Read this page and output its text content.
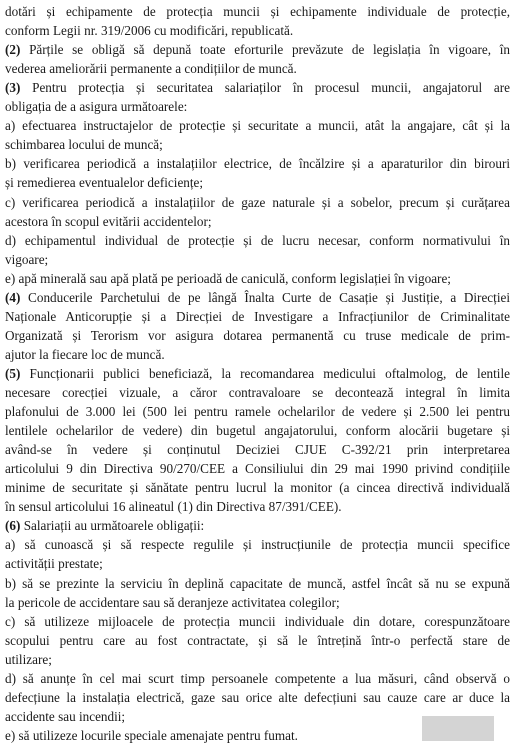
dotări și echipamente de protecția muncii și echipamente individuale de protecție,
conform Legii nr. 319/2006 cu modificări, republicată.
(2) Părțile se obligă să depună toate eforturile prevăzute de legislația în vigoare, în
vederea ameliorării permanente a condițiilor de muncă.
(3) Pentru protecția și securitatea salariaților în procesul muncii, angajatorul are
obligația de a asigura următoarele:
a) efectuarea instructajelor de protecție și securitate a muncii, atât la angajare, cât și la
schimbarea locului de muncă;
b) verificarea periodică a instalațiilor electrice, de încălzire și a aparaturilor din birouri
și remedierea eventualelor deficiențe;
c) verificarea periodică a instalațiilor de gaze naturale și a sobelor, precum și curățarea
acestora în scopul evitării accidentelor;
d) echipamentul individual de protecție și de lucru necesar, conform normativului în
vigoare;
e) apă minerală sau apă plată pe perioadă de caniculă, conform legislației în vigoare;
(4) Conducerile Parchetului de pe lângă Înalta Curte de Casație și Justiție, a Direcției
Naționale Anticorupție și a Direcției de Investigare a Infracțiunilor de Criminalitate
Organizată și Terorism vor asigura dotarea permanentă cu truse medicale de prim-
ajutor la fiecare loc de muncă.
(5) Funcționarii publici beneficiază, la recomandarea medicului oftalmolog, de lentile
necesare corecției vizuale, a căror contravaloare se decontează integral în limita
plafonului de 3.000 lei (500 lei pentru ramele ochelarilor de vedere și 2.500 lei pentru
lentilele ochelarilor de vedere) din bugetul angajatorului, conform alocării bugetare și
având-se în vedere și conținutul Deciziei CJUE C-392/21 prin interpretarea
articolului 9 din Directiva 90/270/CEE a Consiliului din 29 mai 1990 privind condițiile
minime de securitate și sănătate pentru lucrul la monitor (a cincea directivă individuală
în sensul articolului 16 alineatul (1) din Directiva 87/391/CEE).
(6) Salariații au următoarele obligații:
a) să cunoască și să respecte regulile și instrucțiunile de protecția muncii specifice
activității prestate;
b) să se prezinte la serviciu în deplină capacitate de muncă, astfel încât să nu se expună
la pericole de accidentare sau să deranjeze activitatea colegilor;
c) să utilizeze mijloacele de protecția muncii individuale din dotare, corespunzătoare
scopului pentru care au fost contractate, și să le întrețină într-o perfectă stare de
utilizare;
d) să anunțe în cel mai scurt timp persoanele competente a lua măsuri, când observă o
defecțiune la instalația electrică, gaze sau orice alte defecțiuni sau cauze care ar duce la
accidente sau incendii;
e) să utilizeze locurile speciale amenajate pentru fumat.
